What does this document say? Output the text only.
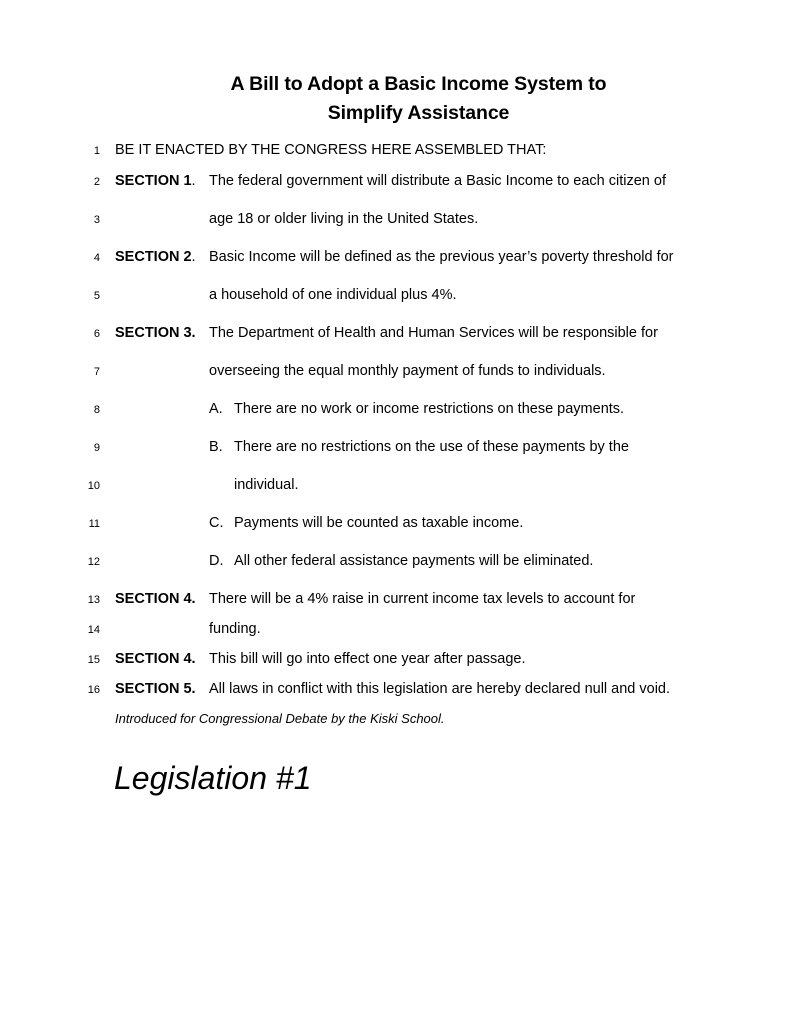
A Bill to Adopt a Basic Income System to
Simplify Assistance
1 BE IT ENACTED BY THE CONGRESS HERE ASSEMBLED THAT:
2 SECTION 1. The federal government will distribute a Basic Income to each citizen of
3	age 18 or older living in the United States.
4 SECTION 2. Basic Income will be defined as the previous year’s poverty threshold for
5	a household of one individual plus 4%.
6 SECTION 3. The Department of Health and Human Services will be responsible for
7	overseeing the equal monthly payment of funds to individuals.
8	A. There are no work or income restrictions on these payments.
9	B. There are no restrictions on the use of these payments by the
10	individual.
11	C. Payments will be counted as taxable income.
12	D. All other federal assistance payments will be eliminated.
13 SECTION 4. There will be a 4% raise in current income tax levels to account for
14	funding.
15 SECTION 4. This bill will go into effect one year after passage.
16 SECTION 5. All laws in conflict with this legislation are hereby declared null and void.
Introduced for Congressional Debate by the Kiski School.
Legislation #1
